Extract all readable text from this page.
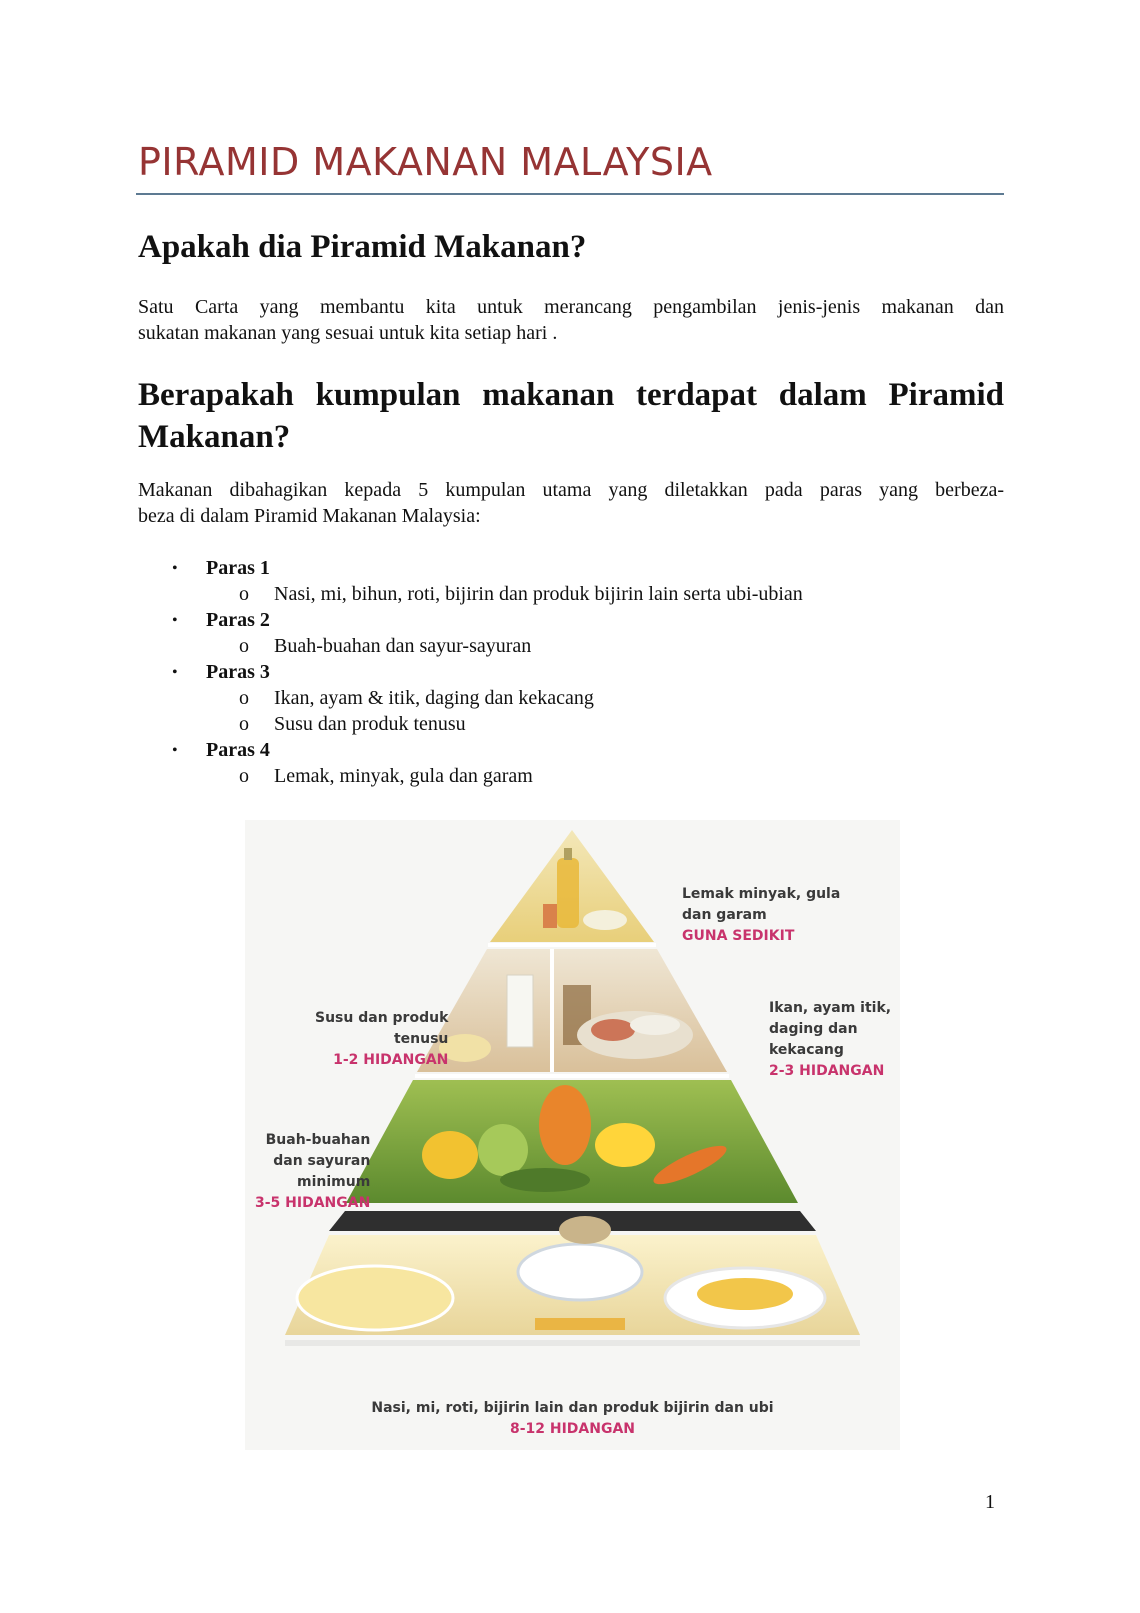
PIRAMID MAKANAN MALAYSIA
Apakah dia Piramid Makanan?
Satu Carta yang membantu kita untuk merancang pengambilan jenis-jenis makanan dan
sukatan makanan yang sesuai untuk kita setiap hari .
Berapakah kumpulan makanan terdapat dalam Piramid
Makanan?
Makanan dibahagikan kepada 5 kumpulan utama yang diletakkan pada paras yang berbeza-
beza di dalam Piramid Makanan Malaysia:
• Paras 1
o Nasi, mi, bihun, roti, bijirin dan produk bijirin lain serta ubi-ubian
• Paras 2
o Buah-buahan dan sayur-sayuran
• Paras 3
o Ikan, ayam & itik, daging dan kekacang
o Susu dan produk tenusu
• Paras 4
o Lemak, minyak, gula dan garam
Lemak minyak, gula
dan garam
GUNA SEDIKIT
Susu dan produk
tenusu
1-2 HIDANGAN
Ikan, ayam itik,
daging dan
kekacang
2-3 HIDANGAN
Buah-buahan
dan sayuran
minimum
3-5 HIDANGAN
Nasi, mi, roti, bijirin lain dan produk bijirin dan ubi
8-12 HIDANGAN
1
